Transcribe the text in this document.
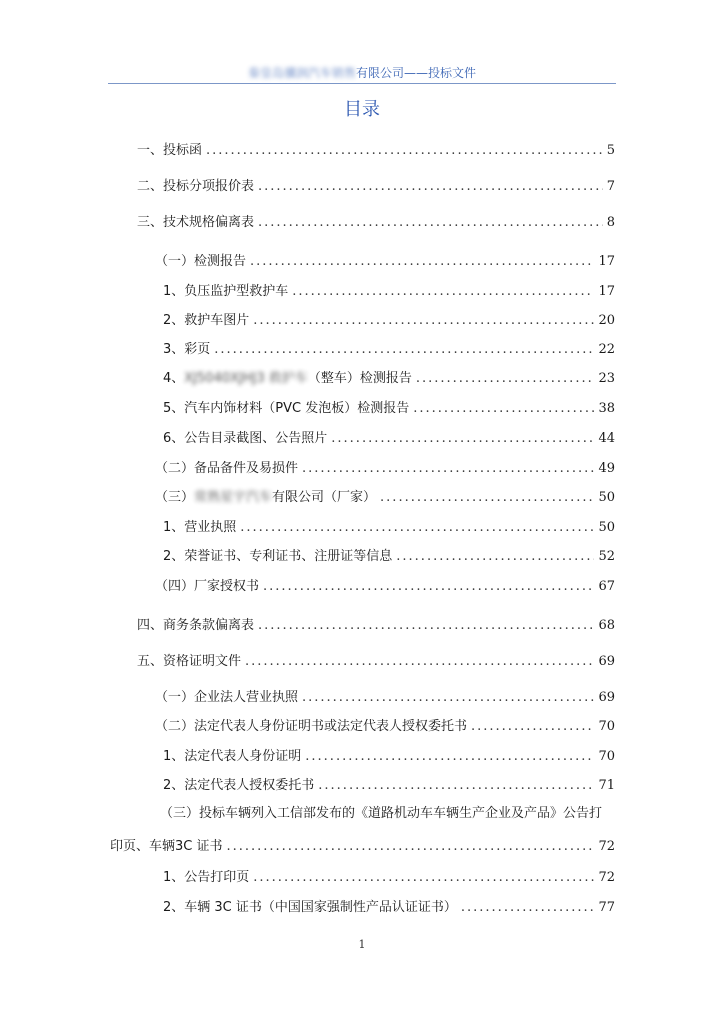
秦皇岛骥润汽车销售有限公司——投标文件
目录
一、投标函 .....	5
二、投标分项报价表 .....	7
三、技术规格偏离表 .....	8
（一）检测报告 .....	17
1、负压监护型救护车 .....	17
2、救护车图片 .....	20
3、彩页 .....	22
4、XJ5040XJHJ3 救护车（整车）检测报告 .....	23
5、汽车内饰材料（PVC 发泡板）检测报告 .....	38
6、公告目录截图、公告照片 .....	44
（二）备品备件及易损件 .....	49
（三）常熟星宇汽车有限公司（厂家） .....	50
1、营业执照 .....	50
2、荣誉证书、专利证书、注册证等信息 .....	52
（四）厂家授权书 .....	67
四、商务条款偏离表 .....	68
五、资格证明文件 .....	69
（一）企业法人营业执照 .....	69
（二）法定代表人身份证明书或法定代表人授权委托书 .....	70
1、法定代表人身份证明 .....	70
2、法定代表人授权委托书 .....	71
（三）投标车辆列入工信部发布的《道路机动车车辆生产企业及产品》公告打
印页、车辆3C 证书 .....	72
1、公告打印页 .....	72
2、车辆 3C 证书（中国国家强制性产品认证证书） .....	77
1
